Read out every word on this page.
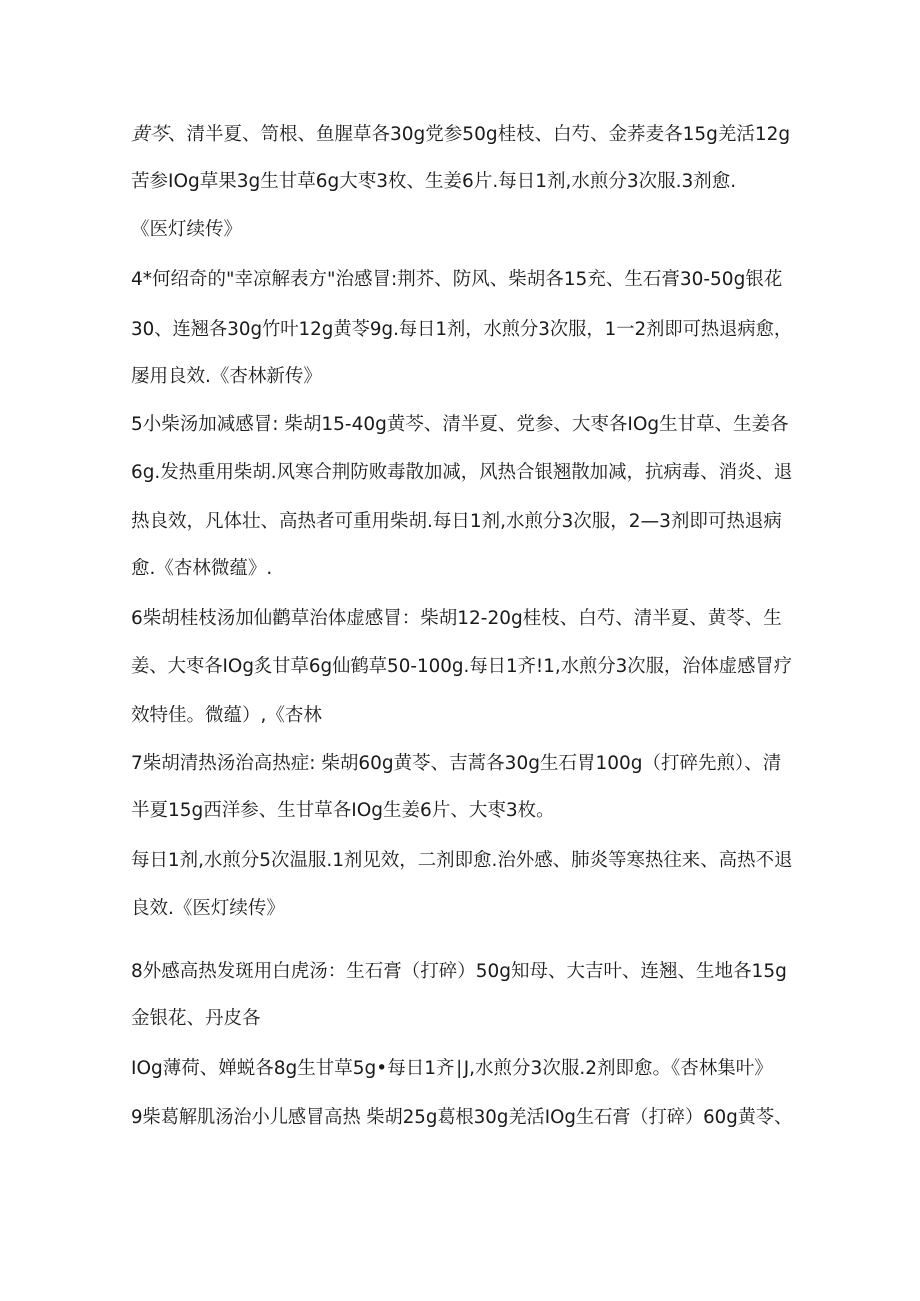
黄芩、清半夏、笥根、鱼腥草各30g党参50g桂枝、白芍、金荞麦各15g羌活12g
苦参IOg草果3g生甘草6g大枣3枚、生姜6片.每日1剂,水煎分3次服.3剂愈.
《医灯续传》
4*何绍奇的"幸凉解表方"治感冒:荆芥、防风、柴胡各15充、生石膏30-50g银花
30、连翘各30g竹叶12g黄苓9g.每日1剂，水煎分3次服，1一2剂即可热退病愈，
屡用良效.《杏林新传》
5小柴汤加减感冒: 柴胡15-40g黄芩、清半夏、党参、大枣各IOg生甘草、生姜各
6g.发热重用柴胡.风寒合荆防败毒散加减，风热合银翘散加减，抗病毒、消炎、退
热良效，凡体壮、高热者可重用柴胡.每日1剂,水煎分3次服，2—3剂即可热退病
愈.《杏林微蕴》.
6柴胡桂枝汤加仙鹳草治体虚感冒：柴胡12-20g桂枝、白芍、清半夏、黄苓、生
姜、大枣各IOg炙甘草6g仙鹤草50-100g.每日1齐!1,水煎分3次服，治体虚感冒疗
效特佳。微蕴）,《杏林
7柴胡清热汤治高热症: 柴胡60g黄苓、吉蒿各30g生石胃100g（打碎先煎）、清
半夏15g西洋参、生甘草各IOg生姜6片、大枣3枚。
每日1剂,水煎分5次温服.1剂见效，二剂即愈.治外感、肺炎等寒热往来、高热不退
良效.《医灯续传》
8外感高热发斑用白虎汤：生石膏（打碎）50g知母、大吉叶、连翘、生地各15g
金银花、丹皮各
IOg薄荷、婵蜕各8g生甘草5g•每日1齐∣J,水煎分3次服.2剂即愈。《杏林集叶》
9柴葛解肌汤治小儿感冒高热 柴胡25g葛根30g羌活IOg生石膏（打碎）60g黄苓、
